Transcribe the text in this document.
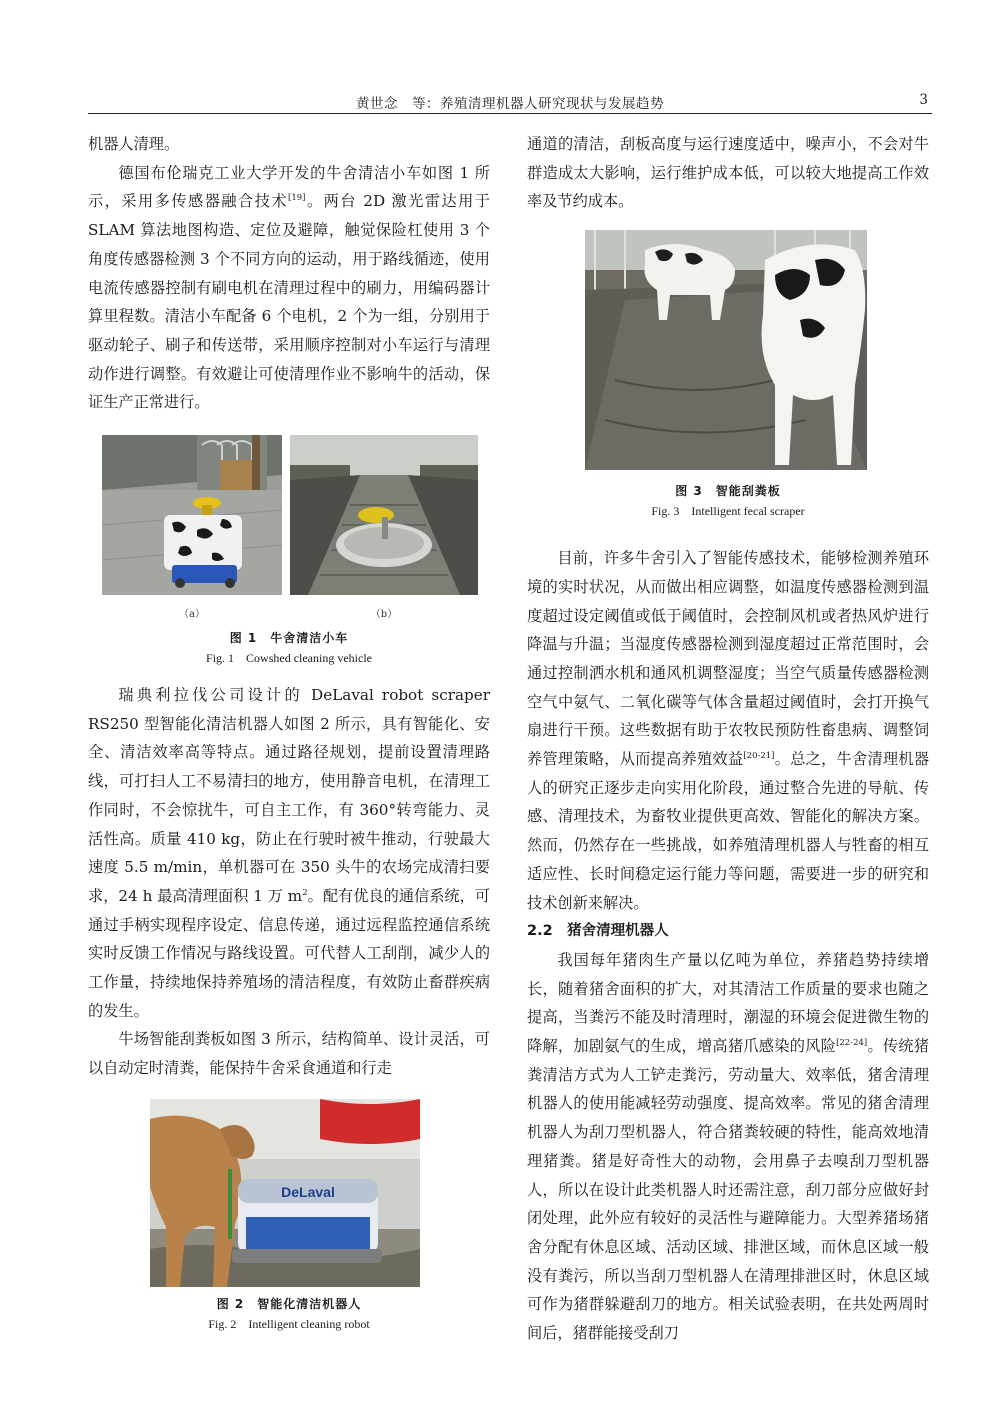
黄世念　等：养殖清理机器人研究现状与发展趋势	3

机器人清理。

德国布伦瑞克工业大学开发的牛舍清洁小车如图 1 所示，采用多传感器融合技术[19]。两台 2D 激光雷达用于 SLAM 算法地图构造、定位及避障，触觉保险杠使用 3 个角度传感器检测 3 个不同方向的运动，用于路线循迹，使用电流传感器控制有刷电机在清理过程中的刷力，用编码器计算里程数。清洁小车配备 6 个电机，2 个为一组，分别用于驱动轮子、刷子和传送带，采用顺序控制对小车运行与清理动作进行调整。有效避让可使清理作业不影响牛的活动，保证生产正常进行。

（a）	（b）
图 1　牛舍清洁小车
Fig. 1　Cowshed cleaning vehicle

瑞典利拉伐公司设计的 DeLaval robot scraper RS250 型智能化清洁机器人如图 2 所示，具有智能化、安全、清洁效率高等特点。通过路径规划，提前设置清理路线，可打扫人工不易清扫的地方，使用静音电机，在清理工作同时，不会惊扰牛，可自主工作，有 360°转弯能力、灵活性高。质量 410 kg，防止在行驶时被牛推动，行驶最大速度 5.5 m/min，单机器可在 350 头牛的农场完成清扫要求，24 h 最高清理面积 1 万 $m^2$。配有优良的通信系统，可通过手柄实现程序设定、信息传递，通过远程监控通信系统实时反馈工作情况与路线设置。可代替人工刮削，减少人的工作量，持续地保持养殖场的清洁程度，有效防止畜群疾病的发生。

牛场智能刮粪板如图 3 所示，结构简单、设计灵活，可以自动定时清粪，能保持牛舍采食通道和行走

DeLaval
图 2　智能化清洁机器人
Fig. 2　Intelligent cleaning robot

通道的清洁，刮板高度与运行速度适中，噪声小，不会对牛群造成太大影响，运行维护成本低，可以较大地提高工作效率及节约成本。

图 3　智能刮粪板
Fig. 3　Intelligent fecal scraper

目前，许多牛舍引入了智能传感技术，能够检测养殖环境的实时状况，从而做出相应调整，如温度传感器检测到温度超过设定阈值或低于阈值时，会控制风机或者热风炉进行降温与升温；当湿度传感器检测到湿度超过正常范围时，会通过控制洒水机和通风机调整湿度；当空气质量传感器检测空气中氨气、二氧化碳等气体含量超过阈值时，会打开换气扇进行干预。这些数据有助于农牧民预防性畜患病、调整饲养管理策略，从而提高养殖效益[20-21]。总之，牛舍清理机器人的研究正逐步走向实用化阶段，通过整合先进的导航、传感、清理技术，为畜牧业提供更高效、智能化的解决方案。然而，仍然存在一些挑战，如养殖清理机器人与牲畜的相互适应性、长时间稳定运行能力等问题，需要进一步的研究和技术创新来解决。

2.2　猪舍清理机器人

我国每年猪肉生产量以亿吨为单位，养猪趋势持续增长，随着猪舍面积的扩大，对其清洁工作质量的要求也随之提高，当粪污不能及时清理时，潮湿的环境会促进微生物的降解，加剧氨气的生成，增高猪爪感染的风险[22-24]。传统猪粪清洁方式为人工铲走粪污，劳动量大、效率低，猪舍清理机器人的使用能减轻劳动强度、提高效率。常见的猪舍清理机器人为刮刀型机器人，符合猪粪较硬的特性，能高效地清理猪粪。猪是好奇性大的动物，会用鼻子去嗅刮刀型机器人，所以在设计此类机器人时还需注意，刮刀部分应做好封闭处理，此外应有较好的灵活性与避障能力。大型养猪场猪舍分配有休息区域、活动区域、排泄区域，而休息区域一般没有粪污，所以当刮刀型机器人在清理排泄区时，休息区域可作为猪群躲避刮刀的地方。相关试验表明，在共处两周时间后，猪群能接受刮刀
